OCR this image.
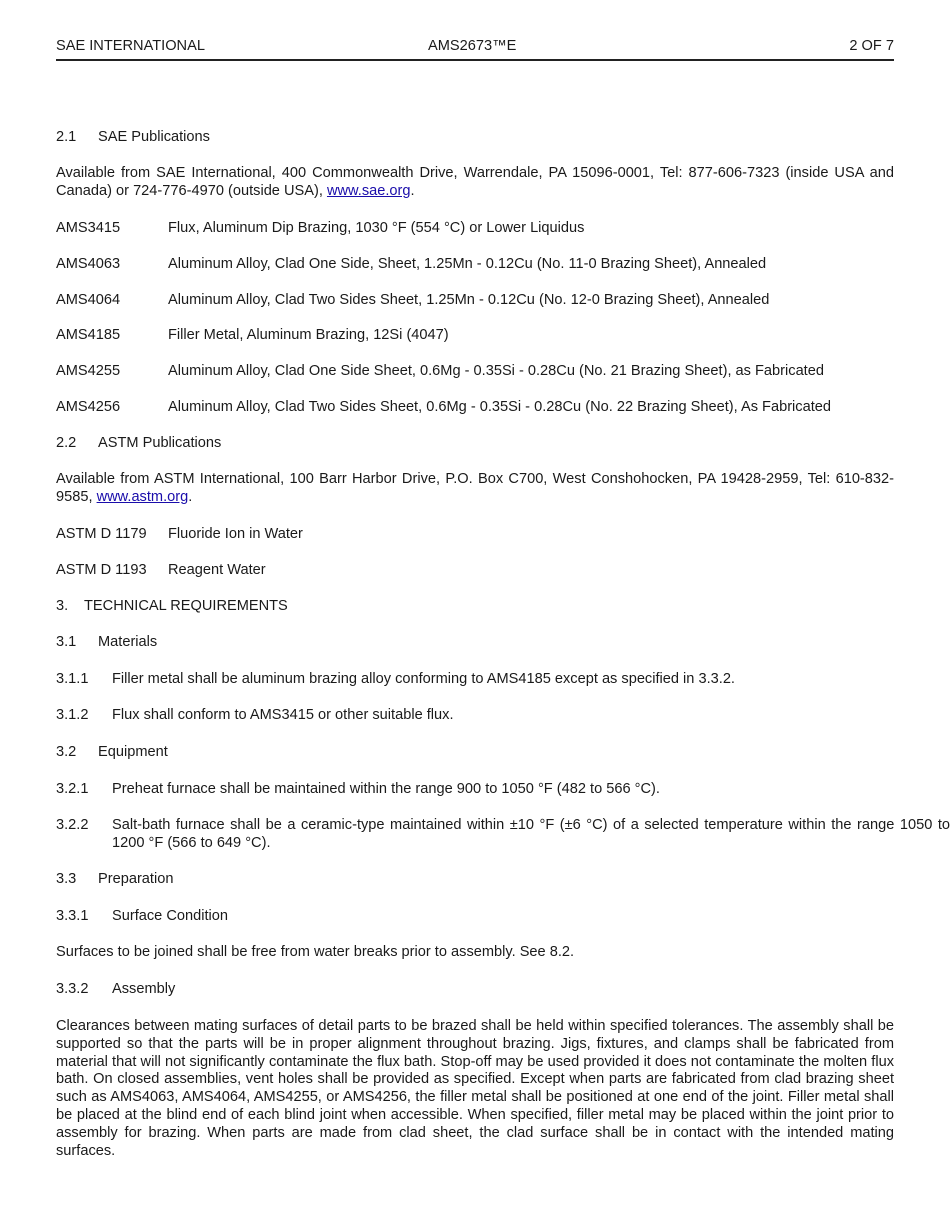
SAE INTERNATIONAL	AMS2673™E	2 OF 7
2.1 SAE Publications
Available from SAE International, 400 Commonwealth Drive, Warrendale, PA 15096-0001, Tel: 877-606-7323 (inside USA and Canada) or 724-776-4970 (outside USA), www.sae.org.
AMS3415	Flux, Aluminum Dip Brazing, 1030 °F (554 °C) or Lower Liquidus
AMS4063	Aluminum Alloy, Clad One Side, Sheet, 1.25Mn - 0.12Cu (No. 11-0 Brazing Sheet), Annealed
AMS4064	Aluminum Alloy, Clad Two Sides Sheet, 1.25Mn - 0.12Cu (No. 12-0 Brazing Sheet), Annealed
AMS4185	Filler Metal, Aluminum Brazing, 12Si (4047)
AMS4255	Aluminum Alloy, Clad One Side Sheet, 0.6Mg - 0.35Si - 0.28Cu (No. 21 Brazing Sheet), as Fabricated
AMS4256	Aluminum Alloy, Clad Two Sides Sheet, 0.6Mg - 0.35Si - 0.28Cu (No. 22 Brazing Sheet), As Fabricated
2.2 ASTM Publications
Available from ASTM International, 100 Barr Harbor Drive, P.O. Box C700, West Conshohocken, PA 19428-2959, Tel: 610-832-9585, www.astm.org.
ASTM D 1179 Fluoride Ion in Water
ASTM D 1193 Reagent Water
3. TECHNICAL REQUIREMENTS
3.1 Materials
3.1.1 Filler metal shall be aluminum brazing alloy conforming to AMS4185 except as specified in 3.3.2.
3.1.2 Flux shall conform to AMS3415 or other suitable flux.
3.2 Equipment
3.2.1 Preheat furnace shall be maintained within the range 900 to 1050 °F (482 to 566 °C).
3.2.2 Salt-bath furnace shall be a ceramic-type maintained within ±10 °F (±6 °C) of a selected temperature within the range 1050 to 1200 °F (566 to 649 °C).
3.3 Preparation
3.3.1 Surface Condition
Surfaces to be joined shall be free from water breaks prior to assembly. See 8.2.
3.3.2 Assembly
Clearances between mating surfaces of detail parts to be brazed shall be held within specified tolerances. The assembly shall be supported so that the parts will be in proper alignment throughout brazing. Jigs, fixtures, and clamps shall be fabricated from material that will not significantly contaminate the flux bath. Stop-off may be used provided it does not contaminate the molten flux bath. On closed assemblies, vent holes shall be provided as specified. Except when parts are fabricated from clad brazing sheet such as AMS4063, AMS4064, AMS4255, or AMS4256, the filler metal shall be positioned at one end of the joint. Filler metal shall be placed at the blind end of each blind joint when accessible. When specified, filler metal may be placed within the joint prior to assembly for brazing. When parts are made from clad sheet, the clad surface shall be in contact with the intended mating surfaces.
